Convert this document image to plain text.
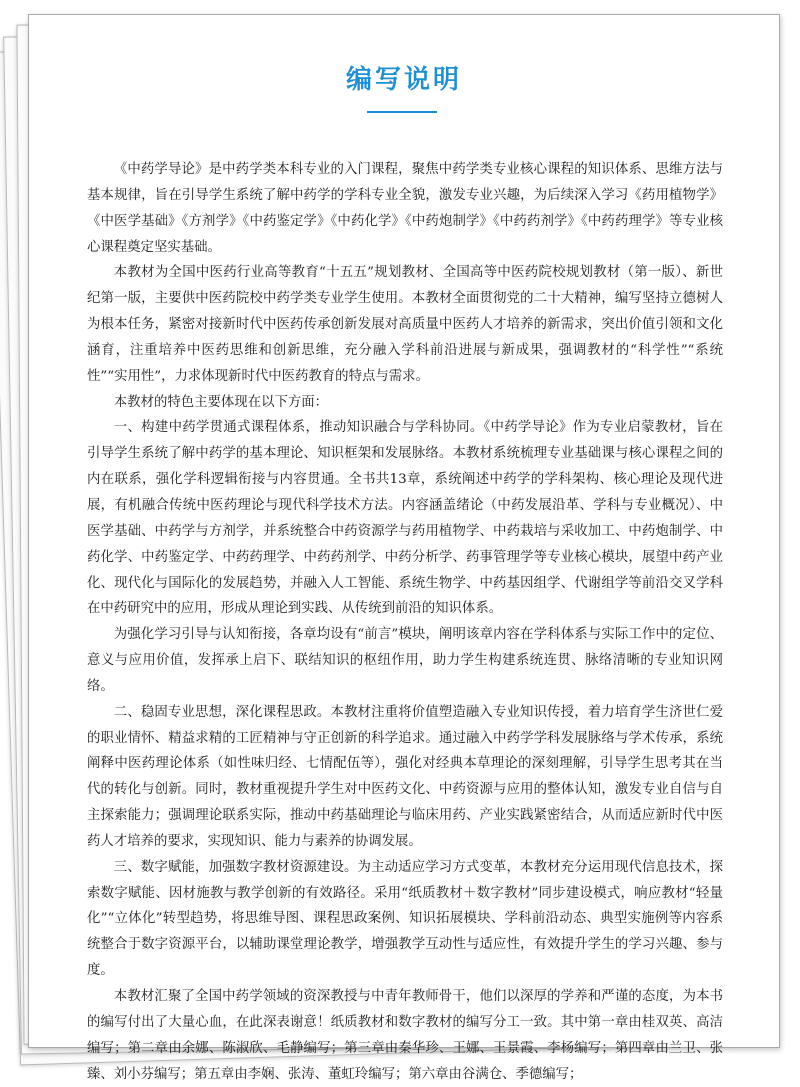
编写说明

《中药学导论》是中药学类本科专业的入门课程，聚焦中药学类专业核心课程的知识体系、思维方法与基本规律，旨在引导学生系统了解中药学的学科专业全貌，激发专业兴趣，为后续深入学习《药用植物学》《中医学基础》《方剂学》《中药鉴定学》《中药化学》《中药炮制学》《中药药剂学》《中药药理学》等专业核心课程奠定坚实基础。

本教材为全国中医药行业高等教育“十五五”规划教材、全国高等中医药院校规划教材（第一版）、新世纪第一版，主要供中医药院校中药学类专业学生使用。本教材全面贯彻党的二十大精神，编写坚持立德树人为根本任务，紧密对接新时代中医药传承创新发展对高质量中医药人才培养的新需求，突出价值引领和文化涵育，注重培养中医药思维和创新思维，充分融入学科前沿进展与新成果，强调教材的“科学性”“系统性”“实用性”，力求体现新时代中医药教育的特点与需求。

本教材的特色主要体现在以下方面：

一、构建中药学贯通式课程体系，推动知识融合与学科协同。《中药学导论》作为专业启蒙教材，旨在引导学生系统了解中药学的基本理论、知识框架和发展脉络。本教材系统梳理专业基础课与核心课程之间的内在联系，强化学科逻辑衔接与内容贯通。全书共13章，系统阐述中药学的学科架构、核心理论及现代进展，有机融合传统中医药理论与现代科学技术方法。内容涵盖绪论（中药发展沿革、学科与专业概况）、中医学基础、中药学与方剂学，并系统整合中药资源学与药用植物学、中药栽培与采收加工、中药炮制学、中药化学、中药鉴定学、中药药理学、中药药剂学、中药分析学、药事管理学等专业核心模块，展望中药产业化、现代化与国际化的发展趋势，并融入人工智能、系统生物学、中药基因组学、代谢组学等前沿交叉学科在中药研究中的应用，形成从理论到实践、从传统到前沿的知识体系。

为强化学习引导与认知衔接，各章均设有“前言”模块，阐明该章内容在学科体系与实际工作中的定位、意义与应用价值，发挥承上启下、联结知识的枢纽作用，助力学生构建系统连贯、脉络清晰的专业知识网络。

二、稳固专业思想，深化课程思政。本教材注重将价值塑造融入专业知识传授，着力培育学生济世仁爱的职业情怀、精益求精的工匠精神与守正创新的科学追求。通过融入中药学学科发展脉络与学术传承，系统阐释中医药理论体系（如性味归经、七情配伍等），强化对经典本草理论的深刻理解，引导学生思考其在当代的转化与创新。同时，教材重视提升学生对中医药文化、中药资源与应用的整体认知，激发专业自信与自主探索能力；强调理论联系实际，推动中药基础理论与临床用药、产业实践紧密结合，从而适应新时代中医药人才培养的要求，实现知识、能力与素养的协调发展。

三、数字赋能，加强数字教材资源建设。为主动适应学习方式变革，本教材充分运用现代信息技术，探索数字赋能、因材施教与教学创新的有效路径。采用“纸质教材＋数字教材”同步建设模式，响应教材“轻量化”“立体化”转型趋势，将思维导图、课程思政案例、知识拓展模块、学科前沿动态、典型实施例等内容系统整合于数字资源平台，以辅助课堂理论教学，增强教学互动性与适应性，有效提升学生的学习兴趣、参与度。

本教材汇聚了全国中药学领域的资深教授与中青年教师骨干，他们以深厚的学养和严谨的态度，为本书的编写付出了大量心血，在此深表谢意！纸质教材和数字教材的编写分工一致。其中第一章由桂双英、高洁编写；第二章由余娜、陈淑欣、毛静编写；第三章由秦华珍、王娜、王景霞、李杨编写；第四章由兰卫、张臻、刘小芬编写；第五章由李娴、张涛、董虹玲编写；第六章由谷满仓、季德编写；
